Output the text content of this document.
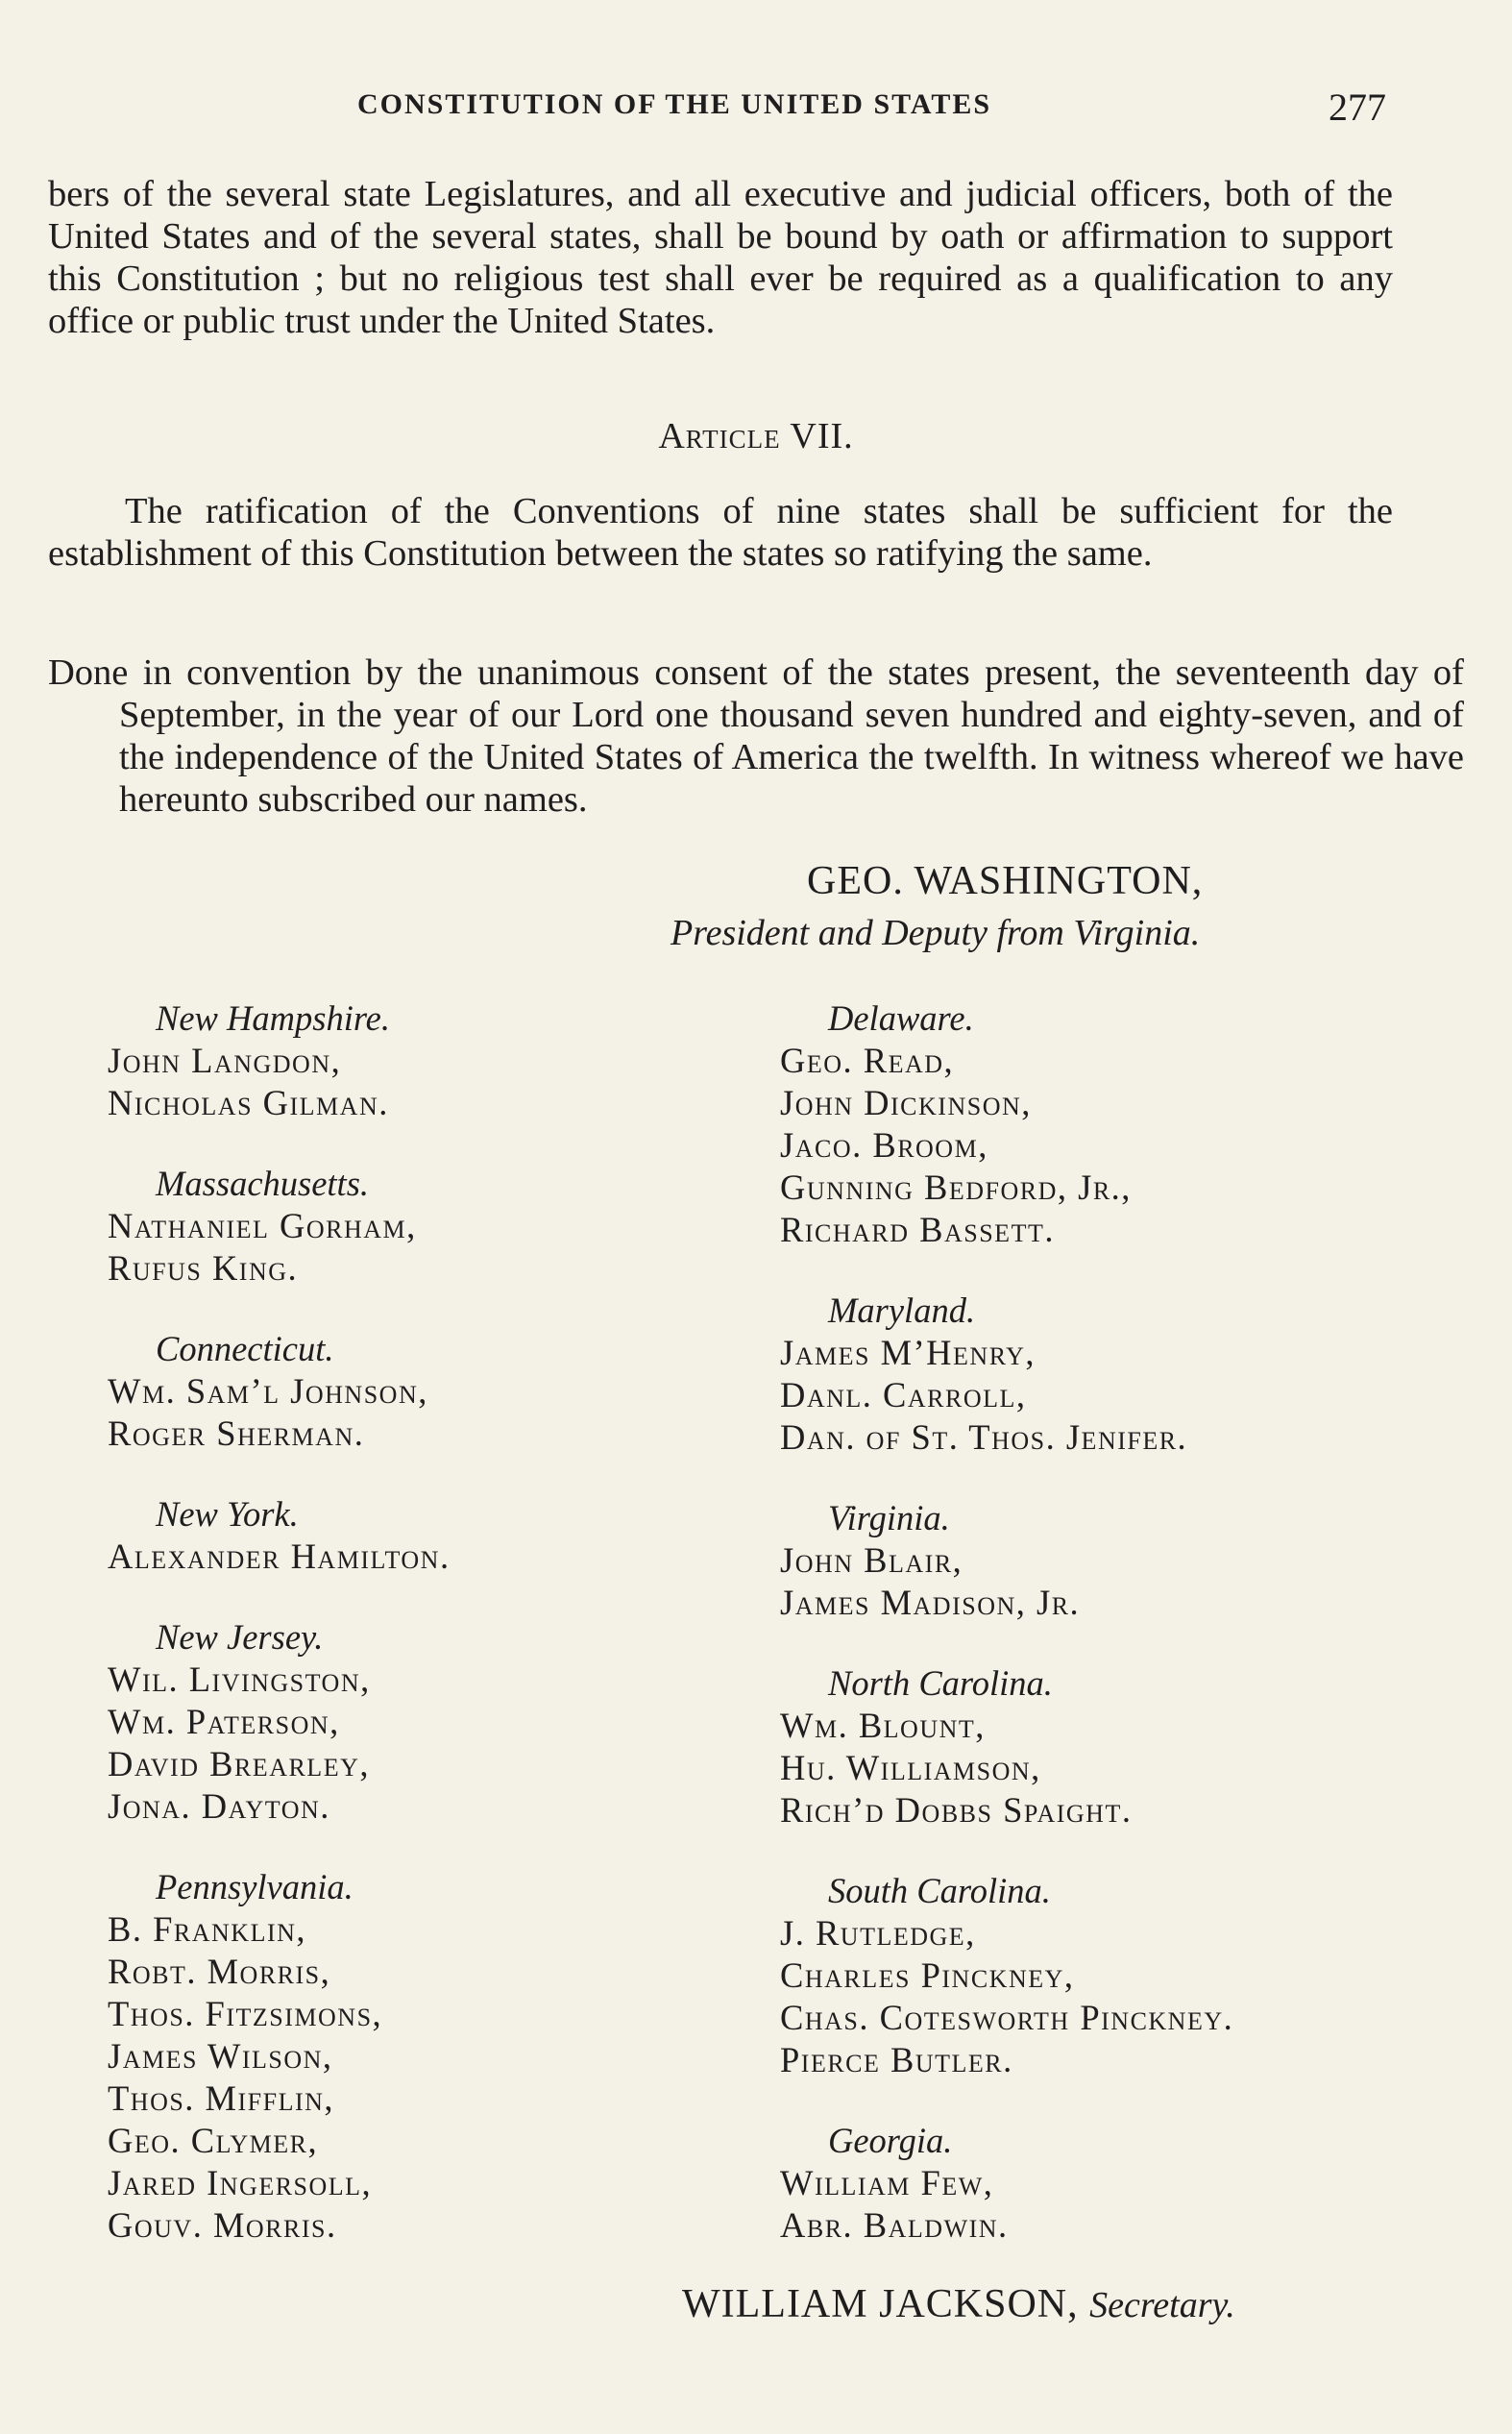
CONSTITUTION OF THE UNITED STATES	277
bers of the several state Legislatures, and all executive and judicial officers, both of the United States and of the several states, shall be bound by oath or affirmation to support this Constitution ; but no religious test shall ever be required as a qualification to any office or public trust under the United States.
Article VII.
The ratification of the Conventions of nine states shall be sufficient for the establishment of this Constitution between the states so ratifying the same.
Done in convention by the unanimous consent of the states present, the seventeenth day of September, in the year of our Lord one thousand seven hundred and eighty-seven, and of the independence of the United States of America the twelfth. In witness whereof we have hereunto subscribed our names.
GEO. WASHINGTON,
President and Deputy from Virginia.
New Hampshire.
John Langdon,
Nicholas Gilman.
Massachusetts.
Nathaniel Gorham,
Rufus King.
Connecticut.
Wm. Sam’l Johnson,
Roger Sherman.
New York.
Alexander Hamilton.
New Jersey.
Wil. Livingston,
Wm. Paterson,
David Brearley,
Jona. Dayton.
Pennsylvania.
B. Franklin,
Robt. Morris,
Thos. Fitzsimons,
James Wilson,
Thos. Mifflin,
Geo. Clymer,
Jared Ingersoll,
Gouv. Morris.
Delaware.
Geo. Read,
John Dickinson,
Jaco. Broom,
Gunning Bedford, Jr.,
Richard Bassett.
Maryland.
James M’Henry,
Danl. Carroll,
Dan. of St. Thos. Jenifer.
Virginia.
John Blair,
James Madison, Jr.
North Carolina.
Wm. Blount,
Hu. Williamson,
Rich’d Dobbs Spaight.
South Carolina.
J. Rutledge,
Charles Pinckney,
Chas. Cotesworth Pinckney.
Pierce Butler.
Georgia.
William Few,
Abr. Baldwin.
WILLIAM JACKSON, Secretary.
